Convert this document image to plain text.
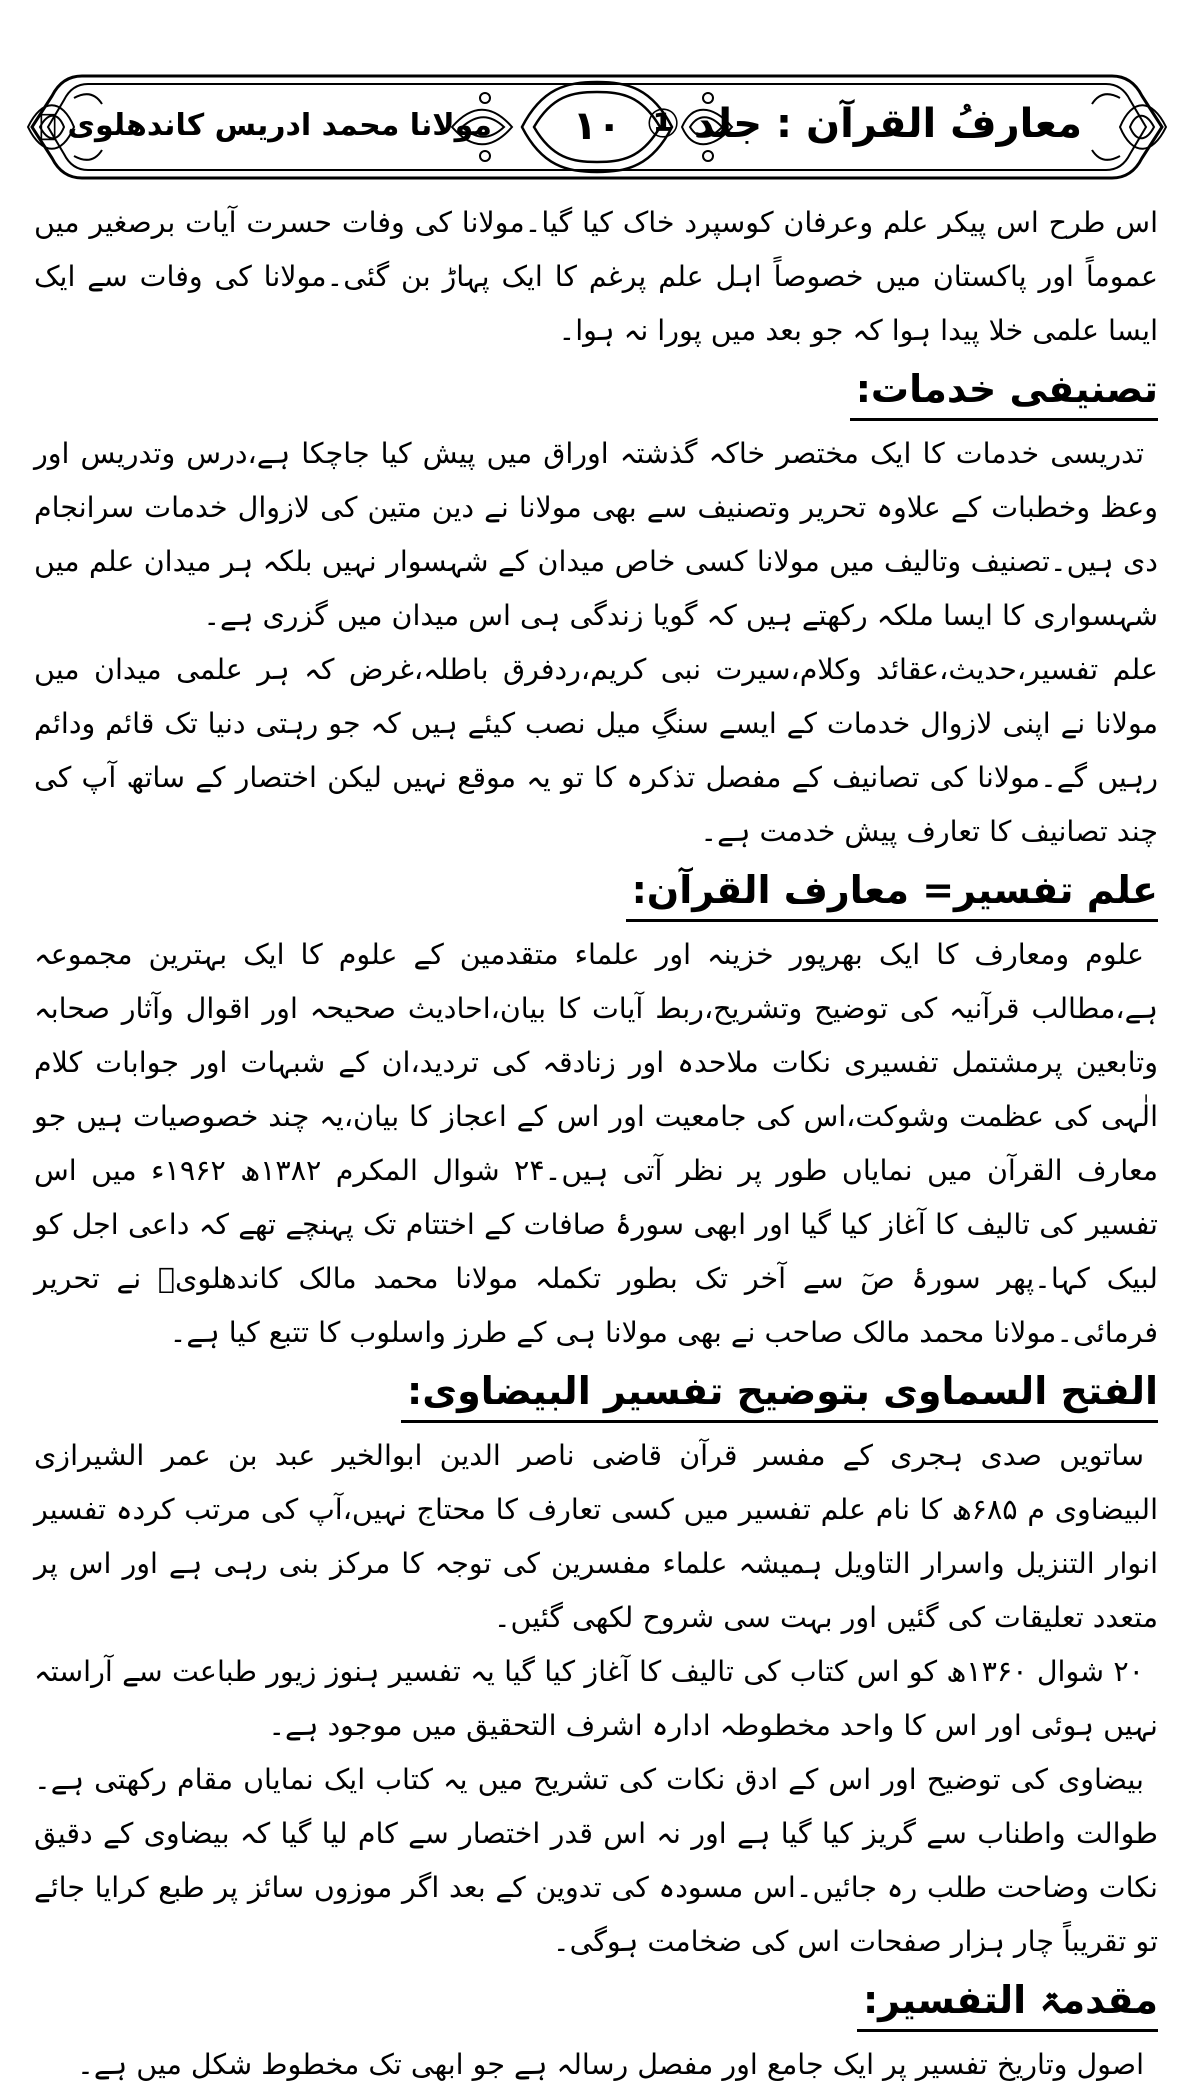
معارفُ القرآن : جلد ①
۱۰
مولانا محمد ادریس کاندھلوی ﷫

اس طرح اس پیکر علم وعرفان کوسپرد خاک کیا گیا۔مولانا کی وفات حسرت آیات برصغیر میں عموماً اور پاکستان میں خصوصاً اہل علم پرغم کا ایک پہاڑ بن گئی۔مولانا کی وفات سے ایک ایسا علمی خلا پیدا ہوا کہ جو بعد میں پورا نہ ہوا۔

تصنیفی خدمات:

تدریسی خدمات کا ایک مختصر خاکہ گذشتہ اوراق میں پیش کیا جاچکا ہے،درس وتدریس اور وعظ وخطبات کے علاوہ تحریر وتصنیف سے بھی مولانا نے دین متین کی لازوال خدمات سرانجام دی ہیں۔تصنیف وتالیف میں مولانا کسی خاص میدان کے شہسوار نہیں بلکہ ہر میدان علم میں شہسواری کا ایسا ملکہ رکھتے ہیں کہ گویا زندگی ہی اس میدان میں گزری ہے۔

علم تفسیر،حدیث،عقائد وکلام،سیرت نبی کریم،ردفرق باطلہ،غرض کہ ہر علمی میدان میں مولانا نے اپنی لازوال خدمات کے ایسے سنگِ میل نصب کیئے ہیں کہ جو رہتی دنیا تک قائم ودائم رہیں گے۔مولانا کی تصانیف کے مفصل تذکرہ کا تو یہ موقع نہیں لیکن اختصار کے ساتھ آپ کی چند تصانیف کا تعارف پیش خدمت ہے۔

علم تفسیر= معارف القرآن:

علوم ومعارف کا ایک بھرپور خزینہ اور علماء متقدمین کے علوم کا ایک بہترین مجموعہ ہے،مطالب قرآنیہ کی توضیح وتشریح،ربط آیات کا بیان،احادیث صحیحہ اور اقوال وآثار صحابہ وتابعین پرمشتمل تفسیری نکات ملاحدہ اور زنادقہ کی تردید،ان کے شبہات اور جوابات کلام الٰہی کی عظمت وشوکت،اس کی جامعیت اور اس کے اعجاز کا بیان،یہ چند خصوصیات ہیں جو معارف القرآن میں نمایاں طور پر نظر آتی ہیں۔۲۴ شوال المکرم ۱۳۸۲ھ ۱۹۶۲ء میں اس تفسیر کی تالیف کا آغاز کیا گیا اور ابھی سورۂ صافات کے اختتام تک پہنچے تھے کہ داعی اجل کو لبیک کہا۔پھر سورۂ صٓ سے آخر تک بطور تکملہ مولانا محمد مالک کاندھلویؒ نے تحریر فرمائی۔مولانا محمد مالک صاحب نے بھی مولانا ہی کے طرز واسلوب کا تتبع کیا ہے۔

الفتح السماوی بتوضیح تفسیر البیضاوی:

ساتویں صدی ہجری کے مفسر قرآن قاضی ناصر الدین ابوالخیر عبد بن عمر الشیرازی البیضاوی م ۶۸۵ھ کا نام علم تفسیر میں کسی تعارف کا محتاج نہیں،آپ کی مرتب کردہ تفسیر انوار التنزیل واسرار التاویل ہمیشہ علماء مفسرین کی توجہ کا مرکز بنی رہی ہے اور اس پر متعدد تعلیقات کی گئیں اور بہت سی شروح لکھی گئیں۔

۲۰ شوال ۱۳۶۰ھ کو اس کتاب کی تالیف کا آغاز کیا گیا یہ تفسیر ہنوز زیور طباعت سے آراستہ نہیں ہوئی اور اس کا واحد مخطوطہ ادارہ اشرف التحقیق میں موجود ہے۔

بیضاوی کی توضیح اور اس کے ادق نکات کی تشریح میں یہ کتاب ایک نمایاں مقام رکھتی ہے۔طوالت واطناب سے گریز کیا گیا ہے اور نہ اس قدر اختصار سے کام لیا گیا کہ بیضاوی کے دقیق نکات وضاحت طلب رہ جائیں۔اس مسودہ کی تدوین کے بعد اگر موزوں سائز پر طبع کرایا جائے تو تقریباً چار ہزار صفحات اس کی ضخامت ہوگی۔

مقدمۃ التفسیر:

اصول وتاریخ تفسیر پر ایک جامع اور مفصل رسالہ ہے جو ابھی تک مخطوط شکل میں ہے۔
